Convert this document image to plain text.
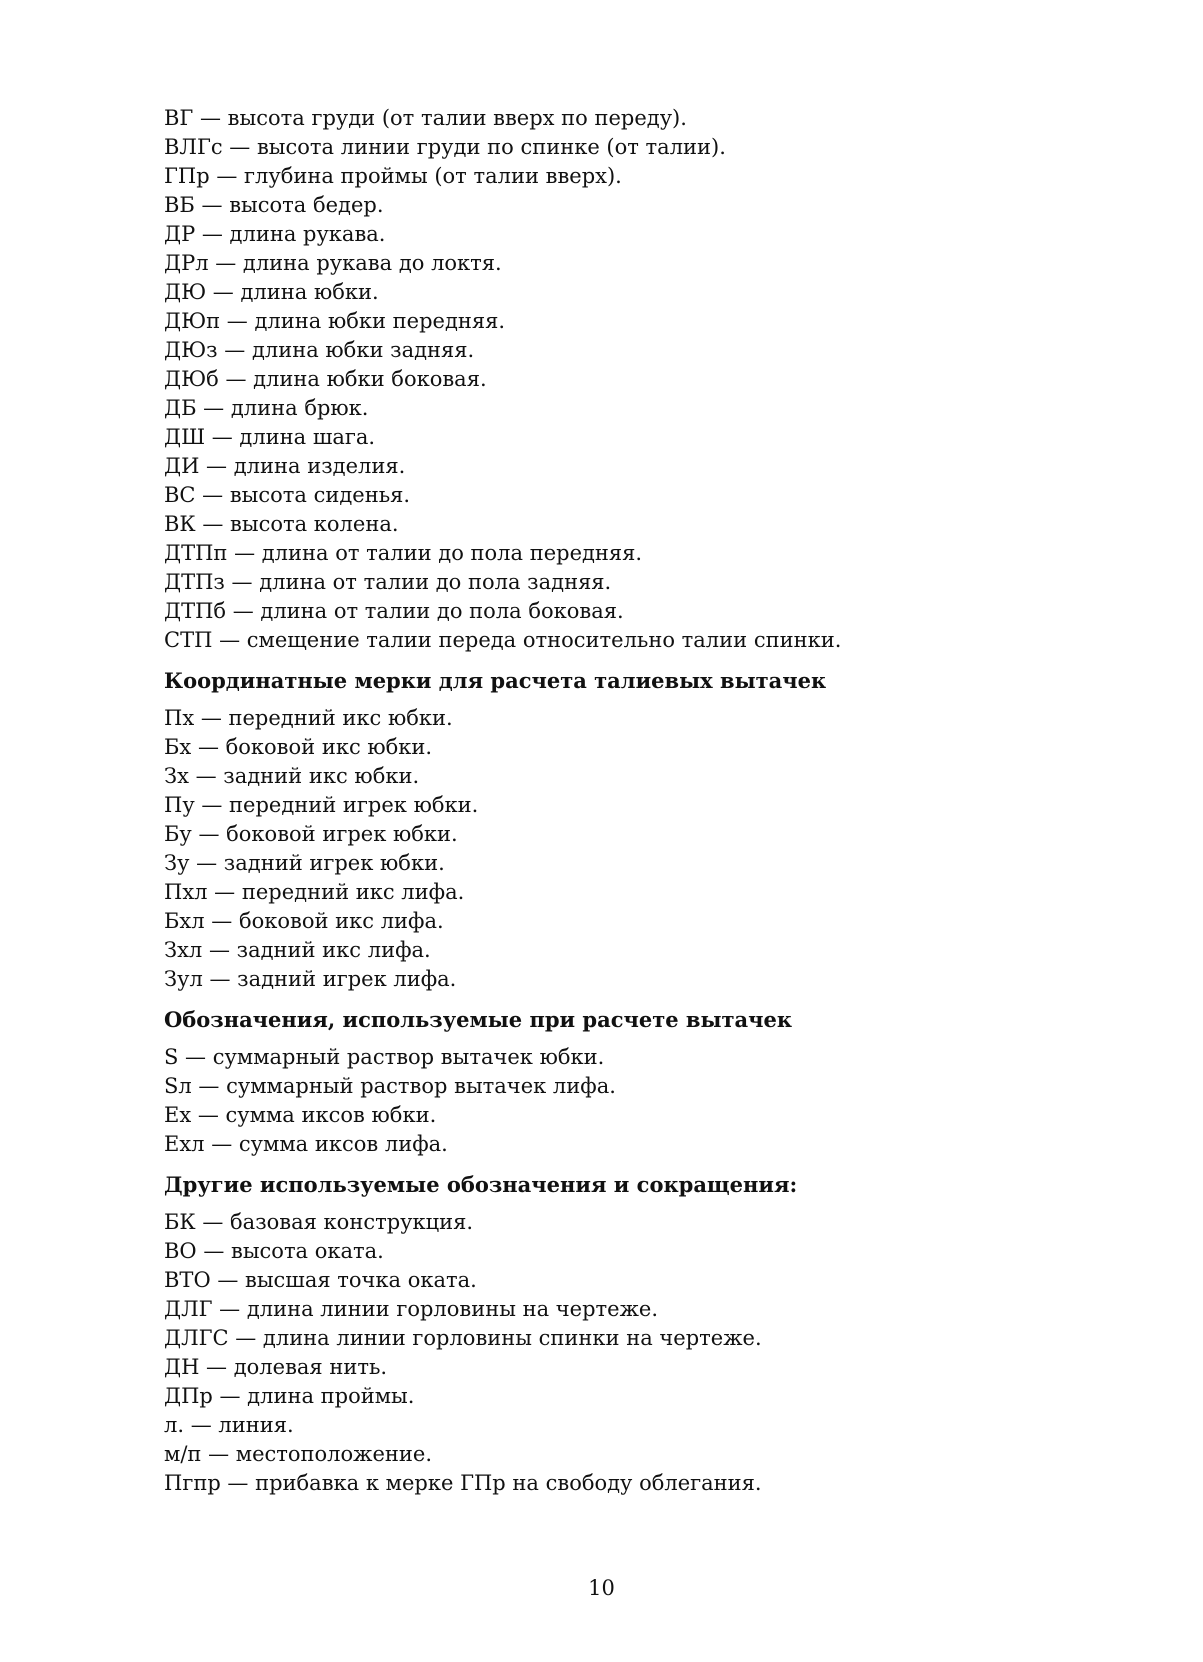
ВГ — высота груди (от талии вверх по переду).
ВЛГс — высота линии груди по спинке (от талии).
ГПр — глубина проймы (от талии вверх).
ВБ — высота бедер.
ДР — длина рукава.
ДРл — длина рукава до локтя.
ДЮ — длина юбки.
ДЮп — длина юбки передняя.
ДЮз — длина юбки задняя.
ДЮб — длина юбки боковая.
ДБ — длина брюк.
ДШ — длина шага.
ДИ — длина изделия.
ВС — высота сиденья.
ВК — высота колена.
ДТПп — длина от талии до пола передняя.
ДТПз — длина от талии до пола задняя.
ДТПб — длина от талии до пола боковая.
СТП — смещение талии переда относительно талии спинки.
Координатные мерки для расчета талиевых вытачек
Пх — передний икс юбки.
Бх — боковой икс юбки.
Зх — задний икс юбки.
Пу — передний игрек юбки.
Бу — боковой игрек юбки.
Зу — задний игрек юбки.
Пхл — передний икс лифа.
Бхл — боковой икс лифа.
Зхл — задний икс лифа.
Зул — задний игрек лифа.
Обозначения, используемые при расчете вытачек
S — суммарный раствор вытачек юбки.
Sл — суммарный раствор вытачек лифа.
Ex — сумма иксов юбки.
Exл — сумма иксов лифа.
Другие используемые обозначения и сокращения:
БК — базовая конструкция.
ВО — высота оката.
ВТО — высшая точка оката.
ДЛГ — длина линии горловины на чертеже.
ДЛГС — длина линии горловины спинки на чертеже.
ДН — долевая нить.
ДПр — длина проймы.
л. — линия.
м/п — местоположение.
Пгпр — прибавка к мерке ГПр на свободу облегания.
10
